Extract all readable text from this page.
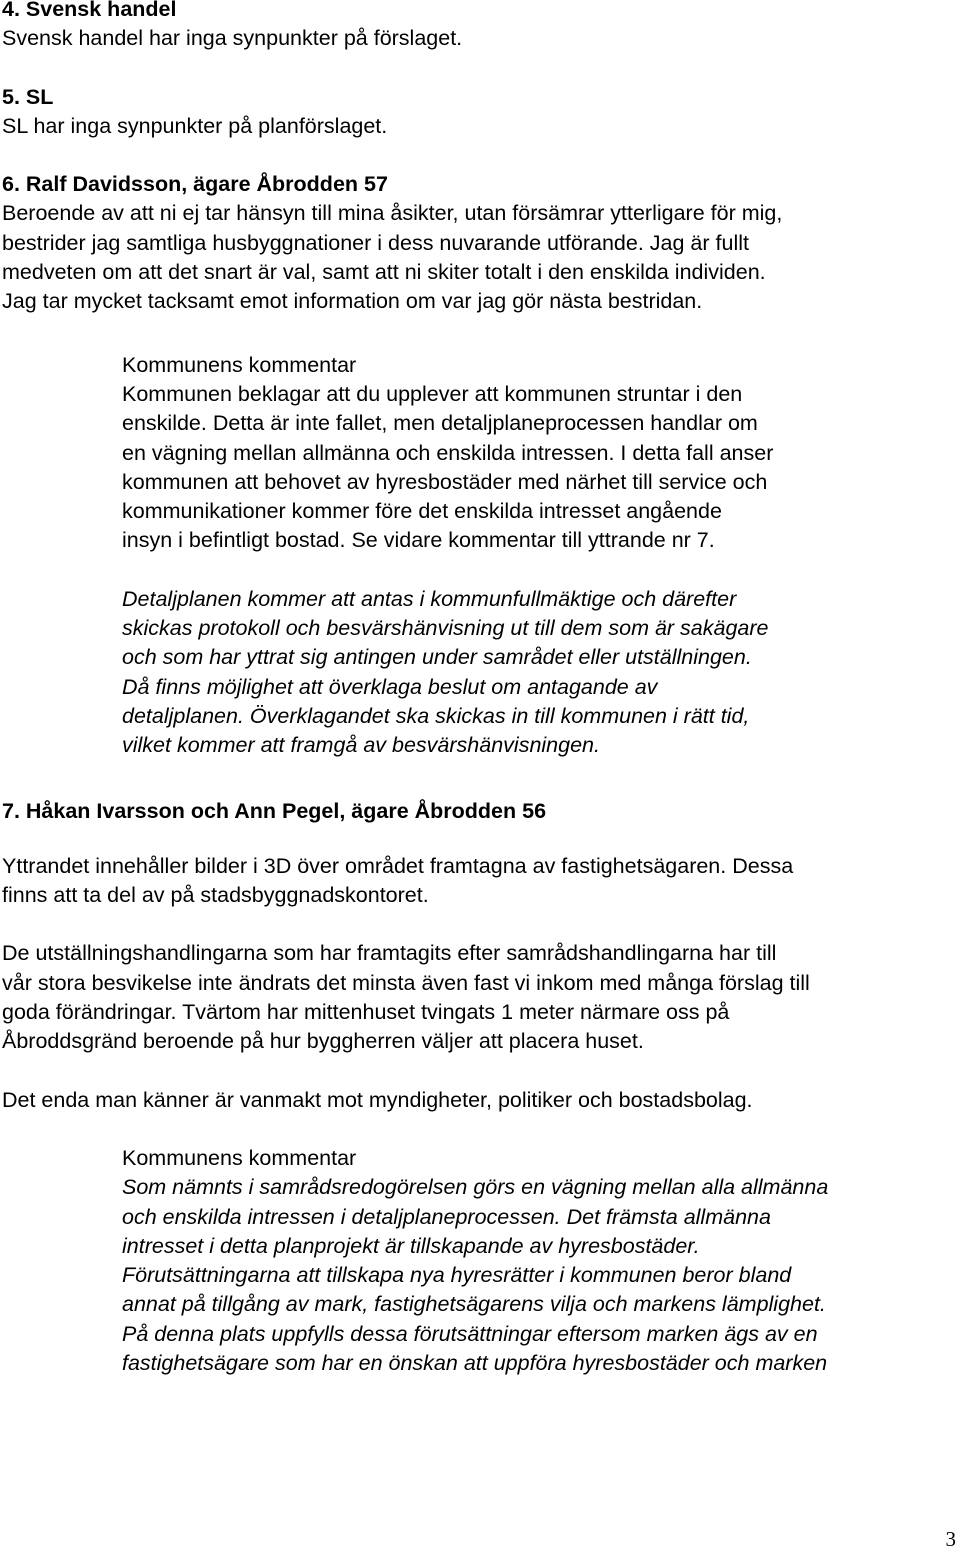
4. Svensk handel
Svensk handel har inga synpunkter på förslaget.
5. SL
SL har inga synpunkter på planförslaget.
6. Ralf Davidsson, ägare Åbrodden 57
Beroende av att ni ej tar hänsyn till mina åsikter, utan försämrar ytterligare för mig,
bestrider jag samtliga husbyggnationer i dess nuvarande utförande. Jag är fullt
medveten om att det snart är val, samt att ni skiter totalt i den enskilda individen.
Jag tar mycket tacksamt emot information om var jag gör nästa bestridan.
Kommunens kommentar
Kommunen beklagar att du upplever att kommunen struntar i den
enskilde. Detta är inte fallet, men detaljplaneprocessen handlar om
en vägning mellan allmänna och enskilda intressen. I detta fall anser
kommunen att behovet av hyresbostäder med närhet till service och
kommunikationer kommer före det enskilda intresset angående
insyn i befintligt bostad. Se vidare kommentar till yttrande nr 7.
Detaljplanen kommer att antas i kommunfullmäktige och därefter
skickas protokoll och besvärshänvisning ut till dem som är sakägare
och som har yttrat sig antingen under samrådet eller utställningen.
Då finns möjlighet att överklaga beslut om antagande av
detaljplanen. Överklagandet ska skickas in till kommunen i rätt tid,
vilket kommer att framgå av besvärshänvisningen.
7. Håkan Ivarsson och Ann Pegel, ägare Åbrodden 56
Yttrandet innehåller bilder i 3D över området framtagna av fastighetsägaren. Dessa
finns att ta del av på stadsbyggnadskontoret.
De utställningshandlingarna som har framtagits efter samrådshandlingarna har till
vår stora besvikelse inte ändrats det minsta även fast vi inkom med många förslag till
goda förändringar. Tvärtom har mittenhuset tvingats 1 meter närmare oss på
Åbroddsgränd beroende på hur byggherren väljer att placera huset.
Det enda man känner är vanmakt mot myndigheter, politiker och bostadsbolag.
Kommunens kommentar
Som nämnts i samrådsredogörelsen görs en vägning mellan alla allmänna
och enskilda intressen i detaljplaneprocessen. Det främsta allmänna
intresset i detta planprojekt är tillskapande av hyresbostäder.
Förutsättningarna att tillskapa nya hyresrätter i kommunen beror bland
annat på tillgång av mark, fastighetsägarens vilja och markens lämplighet.
På denna plats uppfylls dessa förutsättningar eftersom marken ägs av en
fastighetsägare som har en önskan att uppföra hyresbostäder och marken
3
